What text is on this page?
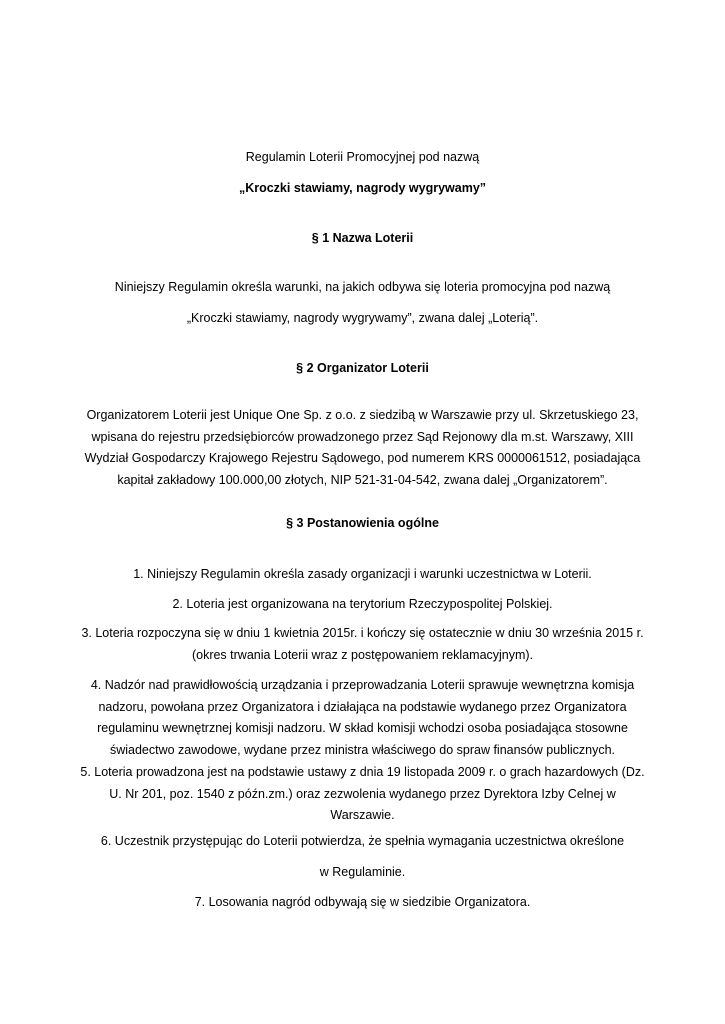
Regulamin Loterii Promocyjnej pod nazwą
„Kroczki stawiamy, nagrody wygrywamy”
§ 1 Nazwa Loterii
Niniejszy Regulamin określa warunki, na jakich odbywa się loteria promocyjna pod nazwą
„Kroczki stawiamy, nagrody wygrywamy”, zwana dalej „Loterią”.
§ 2 Organizator Loterii
Organizatorem Loterii jest Unique One Sp. z o.o. z siedzibą w Warszawie przy ul. Skrzetuskiego 23,
wpisana do rejestru przedsiębiorców prowadzonego przez Sąd Rejonowy dla m.st. Warszawy, XIII
Wydział Gospodarczy Krajowego Rejestru Sądowego, pod numerem KRS 0000061512, posiadająca
kapitał zakładowy 100.000,00 złotych, NIP 521-31-04-542, zwana dalej „Organizatorem”.
§ 3 Postanowienia ogólne
1. Niniejszy Regulamin określa zasady organizacji i warunki uczestnictwa w Loterii.
2. Loteria jest organizowana na terytorium Rzeczypospolitej Polskiej.
3. Loteria rozpoczyna się w dniu 1 kwietnia 2015r. i kończy się ostatecznie w dniu 30 września 2015 r.
(okres trwania Loterii wraz z postępowaniem reklamacyjnym).
4. Nadzór nad prawidłowością urządzania i przeprowadzania Loterii sprawuje wewnętrzna komisja
nadzoru, powołana przez Organizatora i działająca na podstawie wydanego przez Organizatora
regulaminu wewnętrznej komisji nadzoru. W skład komisji wchodzi osoba posiadająca stosowne
świadectwo zawodowe, wydane przez ministra właściwego do spraw finansów publicznych.
5. Loteria prowadzona jest na podstawie ustawy z dnia 19 listopada 2009 r. o grach hazardowych (Dz.
U. Nr 201, poz. 1540 z późn.zm.) oraz zezwolenia wydanego przez Dyrektora Izby Celnej w
Warszawie.
6. Uczestnik przystępując do Loterii potwierdza, że spełnia wymagania uczestnictwa określone
w Regulaminie.
7. Losowania nagród odbywają się w siedzibie Organizatora.
